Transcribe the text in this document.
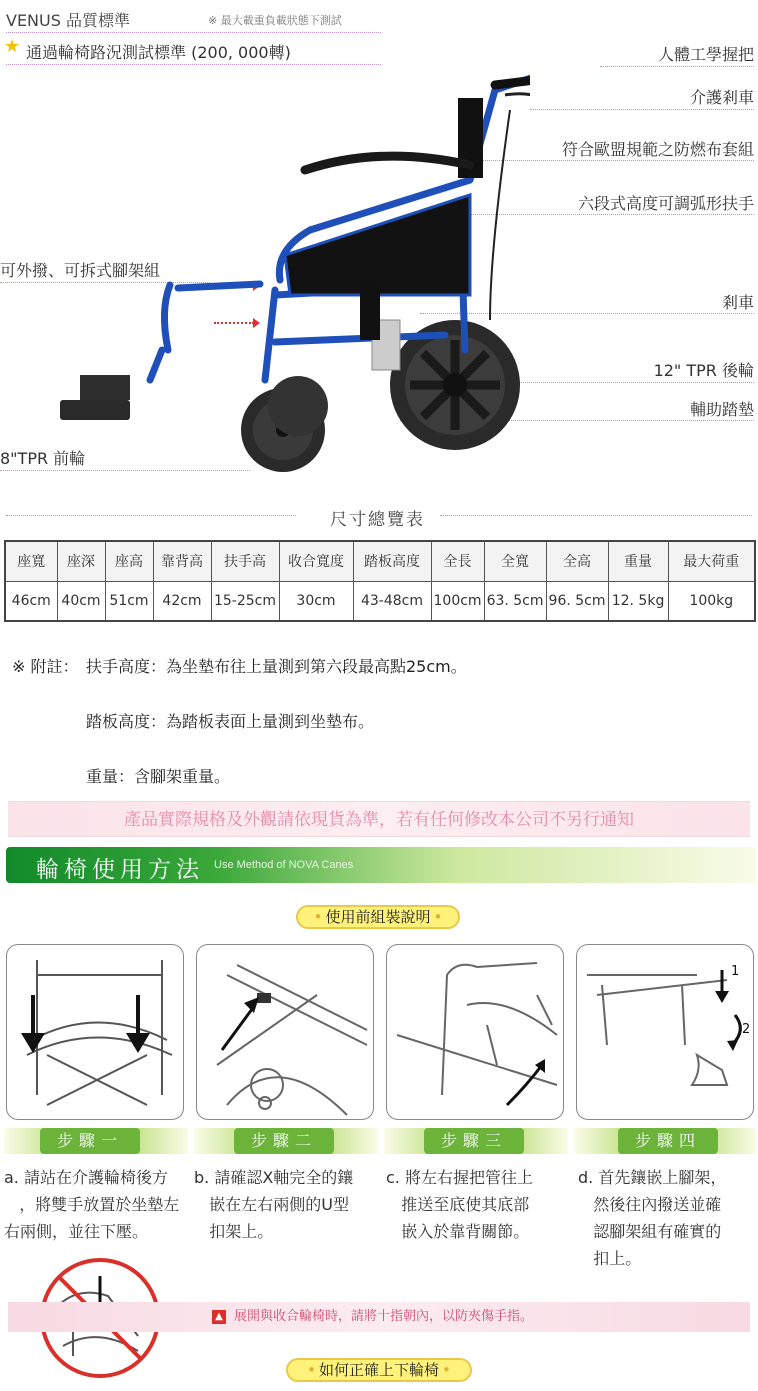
VENUS 品質標準	※ 最大載重負載狀態下測試
★ 通過輪椅路況測試標準 (200, 000轉)	人體工學握把
介護剎車
符合歐盟規範之防燃布套組
六段式高度可調弧形扶手
剎車
12" TPR 後輪
輔助踏墊
可外撥、可拆式腳架組
8"TPR 前輪
尺寸總覽表
座寬	座深	座高	靠背高	扶手高	收合寬度	踏板高度	全長	全寬	全高	重量	最大荷重
46cm	40cm	51cm	42cm	15-25cm	30cm	43-48cm	100cm	63. 5cm	96. 5cm	12. 5kg	100kg
※ 附註： 扶手高度：為坐墊布往上量測到第六段最高點25cm。
踏板高度：為踏板表面上量測到坐墊布。
重量：含腳架重量。
產品實際規格及外觀請依現貨為準，若有任何修改本公司不另行通知
輪椅使用方法 Use Method of NOVA Canes
• 使用前組裝說明 •
1
2
步驟一	步驟二	步驟三	步驟四
a. 請站在介護輪椅後方
，將雙手放置於坐墊左
右兩側，並往下壓。
b. 請確認X軸完全的鑲
嵌在左右兩側的U型
扣架上。
c. 將左右握把管往上
推送至底使其底部
嵌入於靠背關節。
d. 首先鑲嵌上腳架，
然後往內撥送並確
認腳架組有確實的
扣上。
▲ 展開與收合輪椅時，請將十指朝內，以防夾傷手指。
• 如何正確上下輪椅 •
